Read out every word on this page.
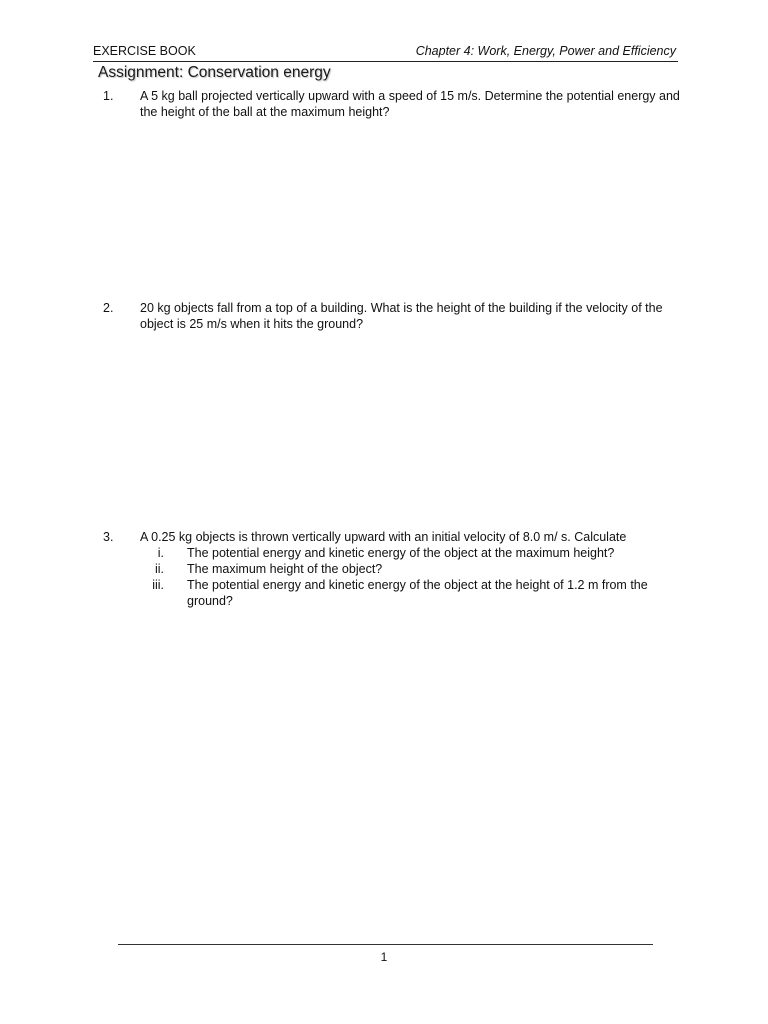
EXERCISE BOOK	Chapter 4: Work, Energy, Power and Efficiency
Assignment: Conservation energy
1. A 5 kg ball projected vertically upward with a speed of 15 m/s. Determine the potential energy and the height of the ball at the maximum height?
2. 20 kg objects fall from a top of a building. What is the height of the building if the velocity of the object is 25 m/s when it hits the ground?
3. A 0.25 kg objects is thrown vertically upward with an initial velocity of 8.0 m/ s. Calculate
i. The potential energy and kinetic energy of the object at the maximum height?
ii. The maximum height of the object?
iii. The potential energy and kinetic energy of the object at the height of 1.2 m from the ground?
1
